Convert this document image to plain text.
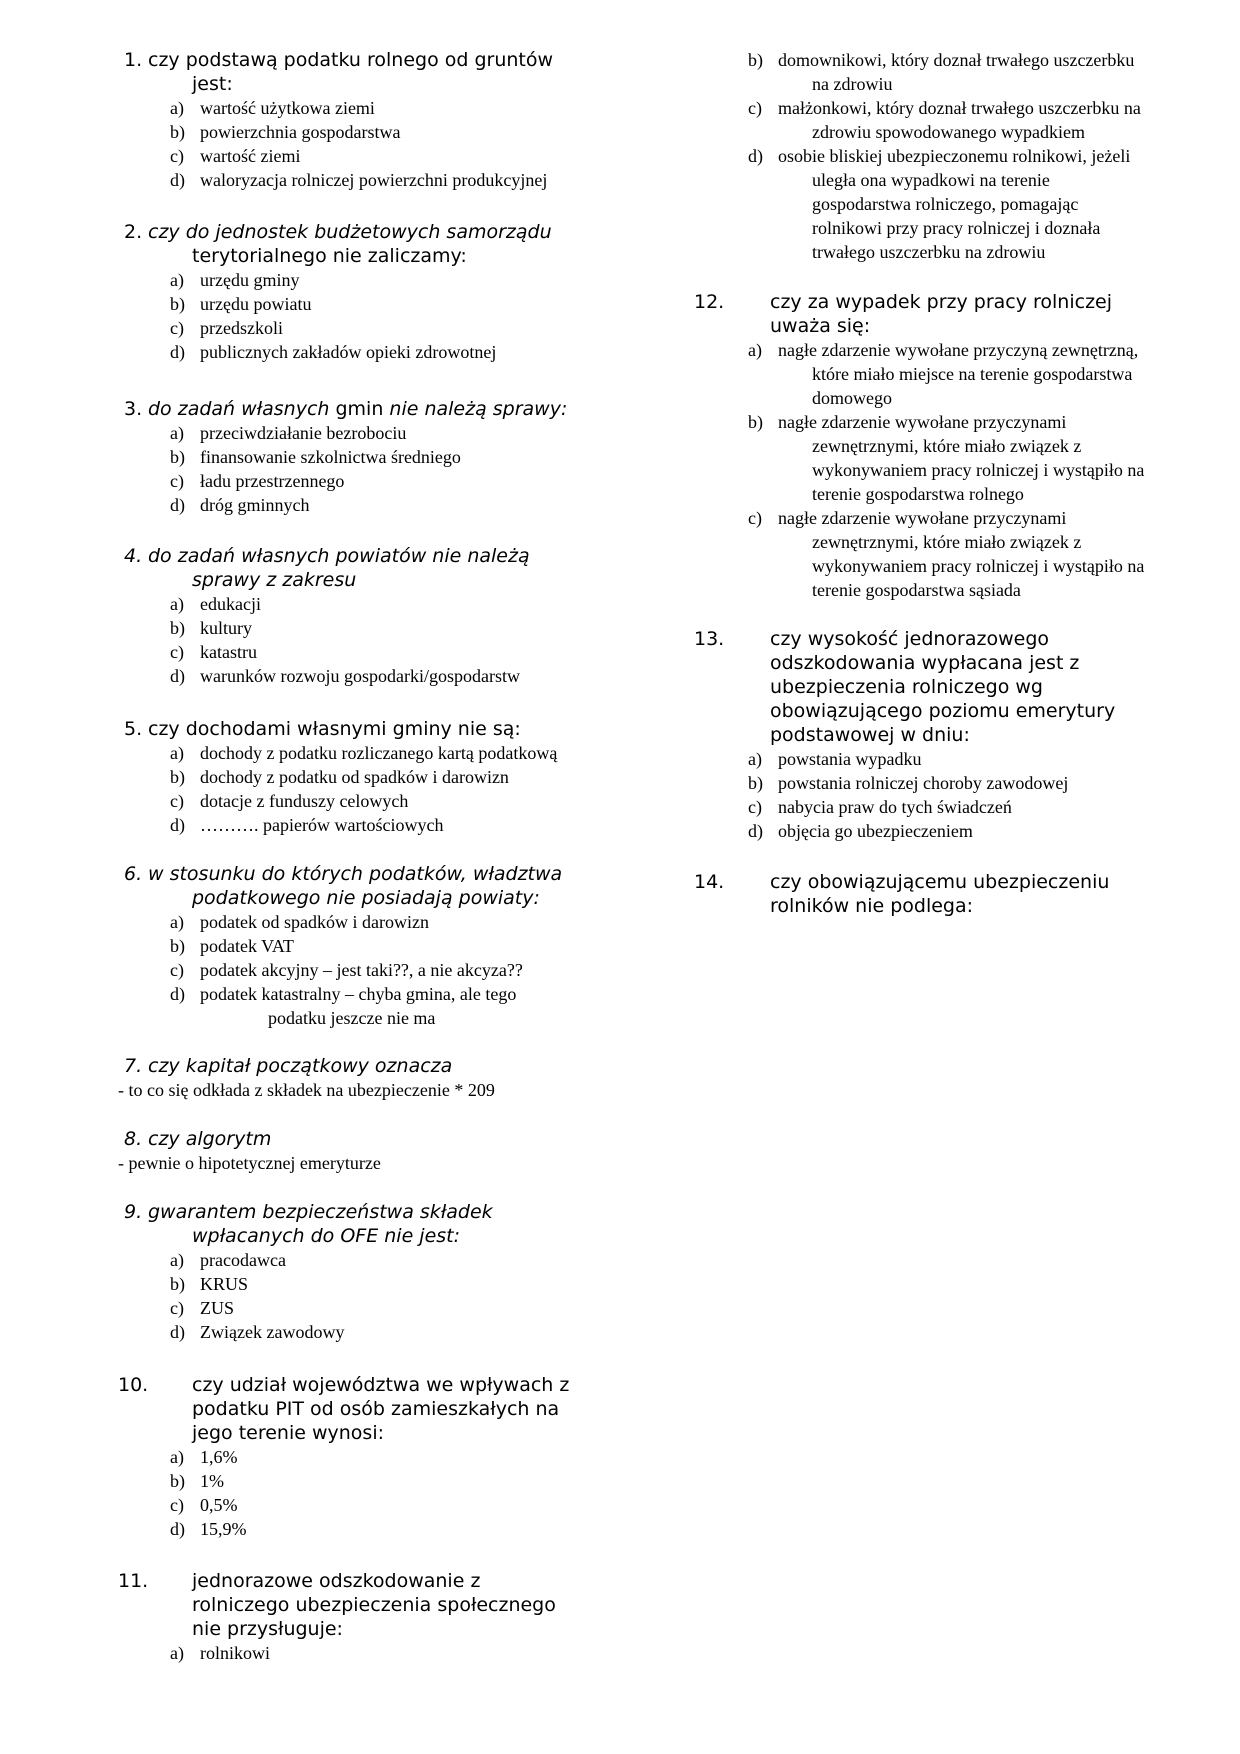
1. czy podstawą podatku rolnego od gruntów
jest:
a) wartość użytkowa ziemi
b) powierzchnia gospodarstwa
c) wartość ziemi
d) waloryzacja rolniczej powierzchni produkcyjnej
2. czy do jednostek budżetowych samorządu
terytorialnego nie zaliczamy:
a) urzędu gminy
b) urzędu powiatu
c) przedszkoli
d) publicznych zakładów opieki zdrowotnej
3. do zadań własnych gmin nie należą sprawy:
a) przeciwdziałanie bezrobociu
b) finansowanie szkolnictwa średniego
c) ładu przestrzennego
d) dróg gminnych
4. do zadań własnych powiatów nie należą
sprawy z zakresu
a) edukacji
b) kultury
c) katastru
d) warunków rozwoju gospodarki/gospodarstw
5. czy dochodami własnymi gminy nie są:
a) dochody z podatku rozliczanego kartą podatkową
b) dochody z podatku od spadków i darowizn
c) dotacje z funduszy celowych
d) ………. papierów wartościowych
6. w stosunku do których podatków, władztwa
podatkowego nie posiadają powiaty:
a) podatek od spadków i darowizn
b) podatek VAT
c) podatek akcyjny – jest taki??, a nie akcyza??
d) podatek katastralny – chyba gmina, ale tego
podatku jeszcze nie ma
7. czy kapitał początkowy oznacza
- to co się odkłada z składek na ubezpieczenie * 209
8. czy algorytm
- pewnie o hipotetycznej emeryturze
9. gwarantem bezpieczeństwa składek
wpłacanych do OFE nie jest:
a) pracodawca
b) KRUS
c) ZUS
d) Związek zawodowy
10. czy udział województwa we wpływach z
podatku PIT od osób zamieszkałych na
jego terenie wynosi:
a) 1,6%
b) 1%
c) 0,5%
d) 15,9%
11. jednorazowe odszkodowanie z
rolniczego ubezpieczenia społecznego
nie przysługuje:
a) rolnikowi
b) domownikowi, który doznał trwałego uszczerbku
na zdrowiu
c) małżonkowi, który doznał trwałego uszczerbku na
zdrowiu spowodowanego wypadkiem
d) osobie bliskiej ubezpieczonemu rolnikowi, jeżeli
uległa ona wypadkowi na terenie
gospodarstwa rolniczego, pomagając
rolnikowi przy pracy rolniczej i doznała
trwałego uszczerbku na zdrowiu
12. czy za wypadek przy pracy rolniczej
uważa się:
a) nagłe zdarzenie wywołane przyczyną zewnętrzną,
które miało miejsce na terenie gospodarstwa
domowego
b) nagłe zdarzenie wywołane przyczynami
zewnętrznymi, które miało związek z
wykonywaniem pracy rolniczej i wystąpiło na
terenie gospodarstwa rolnego
c) nagłe zdarzenie wywołane przyczynami
zewnętrznymi, które miało związek z
wykonywaniem pracy rolniczej i wystąpiło na
terenie gospodarstwa sąsiada
13. czy wysokość jednorazowego
odszkodowania wypłacana jest z
ubezpieczenia rolniczego wg
obowiązującego poziomu emerytury
podstawowej w dniu:
a) powstania wypadku
b) powstania rolniczej choroby zawodowej
c) nabycia praw do tych świadczeń
d) objęcia go ubezpieczeniem
14. czy obowiązującemu ubezpieczeniu
rolników nie podlega:
